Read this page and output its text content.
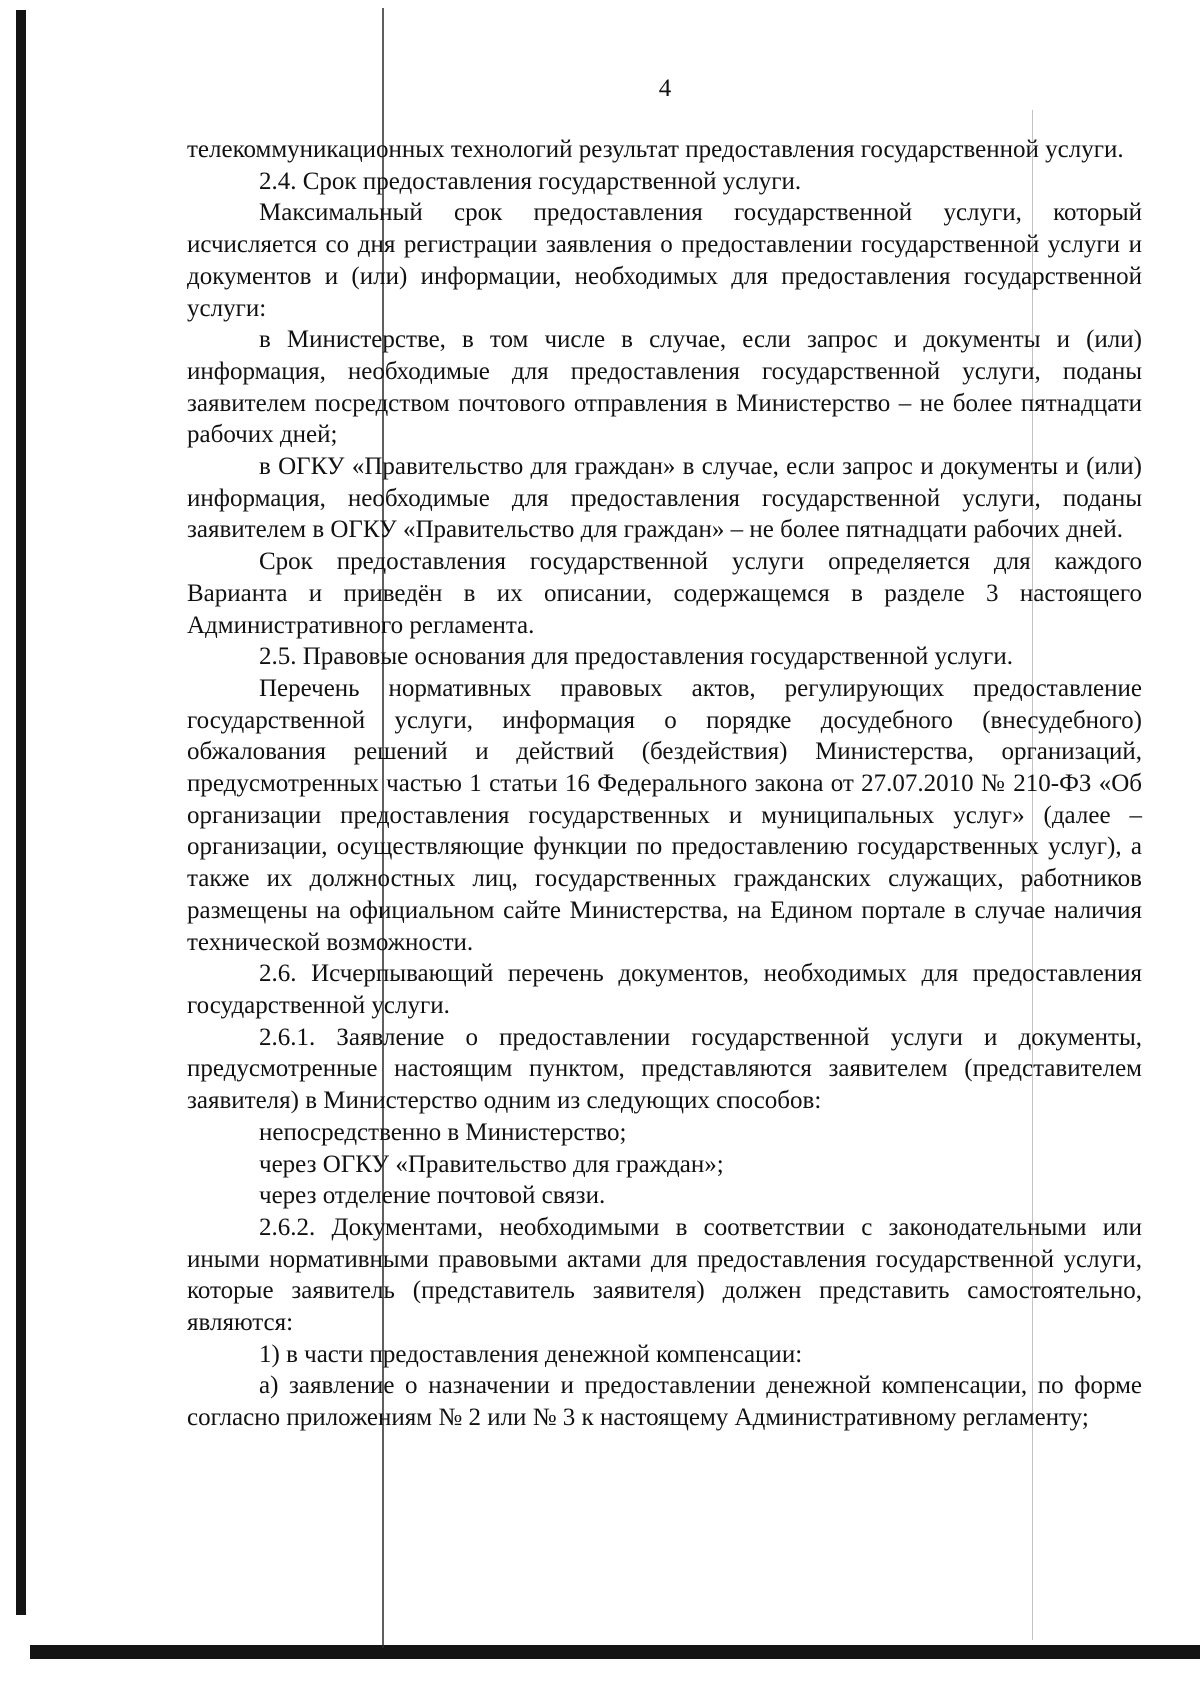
4

телекоммуникационных технологий результат предоставления государственной услуги.

2.4. Срок предоставления государственной услуги.

Максимальный срок предоставления государственной услуги, который исчисляется со дня регистрации заявления о предоставлении государственной услуги и документов и (или) информации, необходимых для предоставления государственной услуги:

в Министерстве, в том числе в случае, если запрос и документы и (или) информация, необходимые для предоставления государственной услуги, поданы заявителем посредством почтового отправления в Министерство – не более пятнадцати рабочих дней;

в ОГКУ «Правительство для граждан» в случае, если запрос и документы и (или) информация, необходимые для предоставления государственной услуги, поданы заявителем в ОГКУ «Правительство для граждан» – не более пятнадцати рабочих дней.

Срок предоставления государственной услуги определяется для каждого Варианта и приведён в их описании, содержащемся в разделе 3 настоящего Административного регламента.

2.5. Правовые основания для предоставления государственной услуги.

Перечень нормативных правовых актов, регулирующих предоставление государственной услуги, информация о порядке досудебного (внесудебного) обжалования решений и действий (бездействия) Министерства, организаций, предусмотренных частью 1 статьи 16 Федерального закона от 27.07.2010 № 210-ФЗ «Об организации предоставления государственных и муниципальных услуг» (далее – организации, осуществляющие функции по предоставлению государственных услуг), а также их должностных лиц, государственных гражданских служащих, работников размещены на официальном сайте Министерства, на Едином портале в случае наличия технической возможности.

2.6. Исчерпывающий перечень документов, необходимых для предоставления государственной услуги.

2.6.1. Заявление о предоставлении государственной услуги и документы, предусмотренные настоящим пунктом, представляются заявителем (представителем заявителя) в Министерство одним из следующих способов:

непосредственно в Министерство;

через ОГКУ «Правительство для граждан»;

через отделение почтовой связи.

2.6.2. Документами, необходимыми в соответствии с законодательными или иными нормативными правовыми актами для предоставления государственной услуги, которые заявитель (представитель заявителя) должен представить самостоятельно, являются:

1) в части предоставления денежной компенсации:

а) заявление о назначении и предоставлении денежной компенсации, по форме согласно приложениям № 2 или № 3 к настоящему Административному регламенту;
